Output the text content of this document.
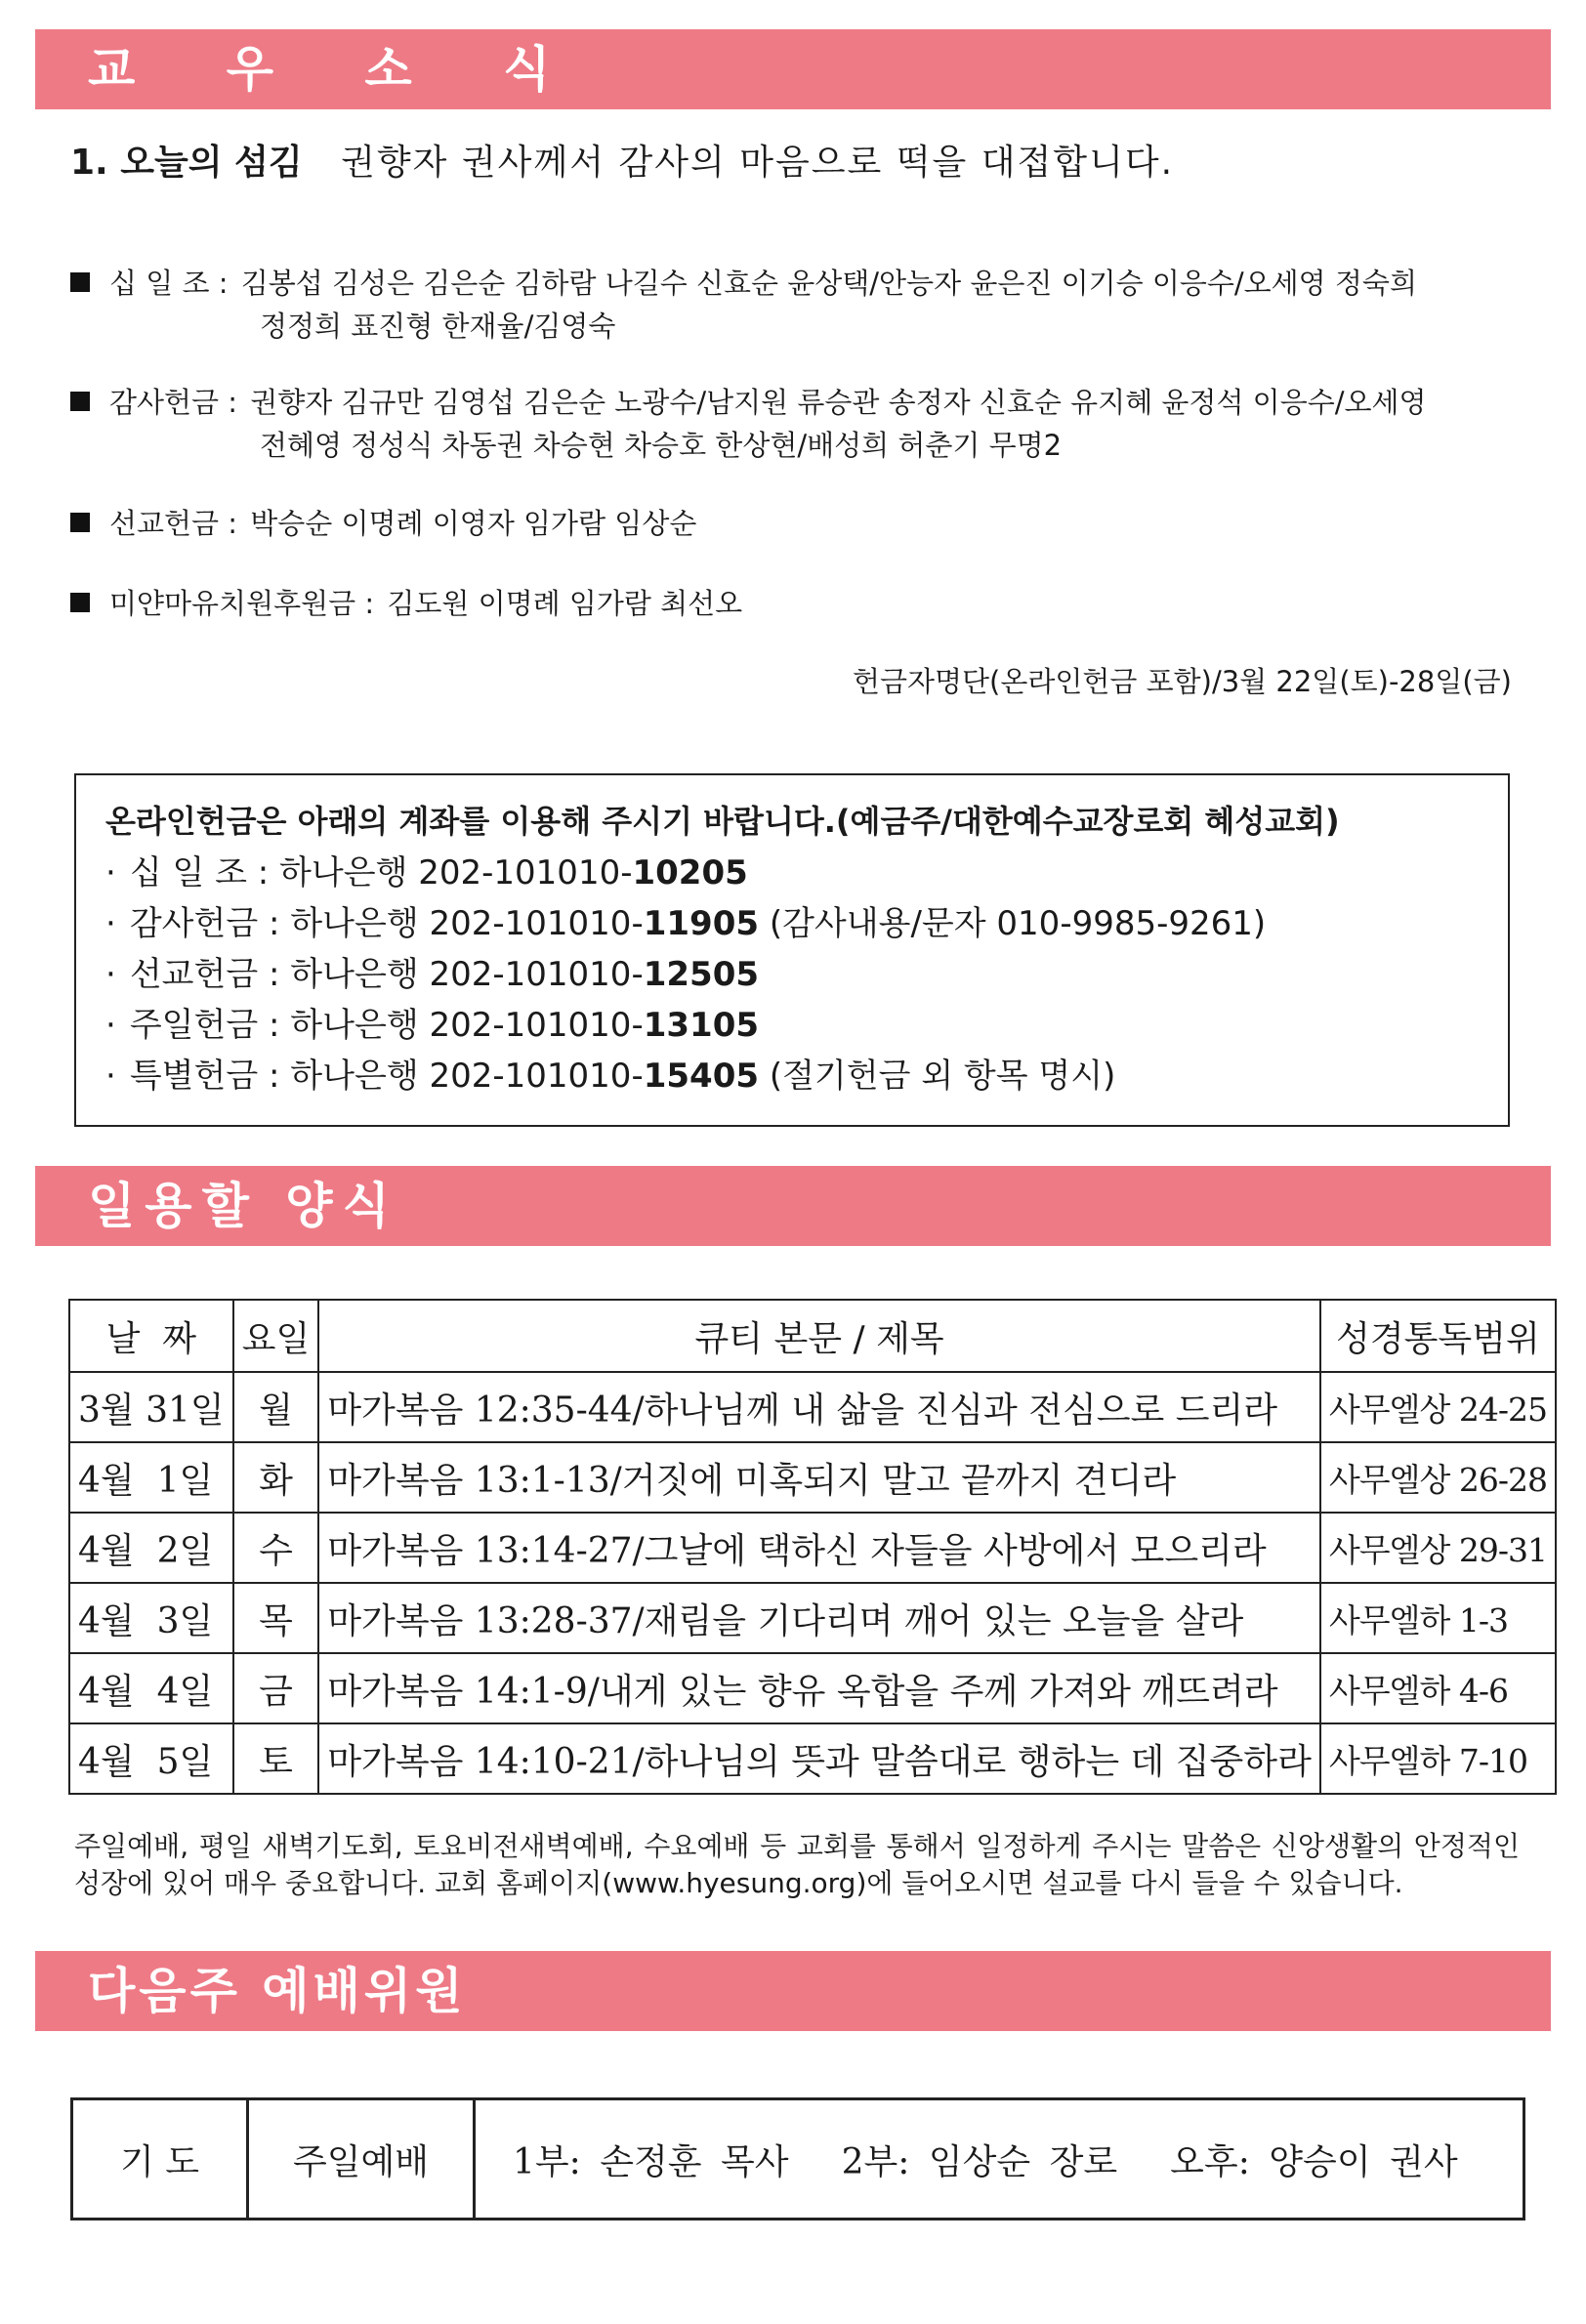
교 우 소 식
1. 오늘의 섬김 권향자 권사께서 감사의 마음으로 떡을 대접합니다.
십 일 조 : 김봉섭 김성은 김은순 김하람 나길수 신효순 윤상택/안능자 윤은진 이기승 이응수/오세영 정숙희
정정희 표진형 한재율/김영숙
감사헌금 : 권향자 김규만 김영섭 김은순 노광수/남지원 류승관 송정자 신효순 유지혜 윤정석 이응수/오세영
전혜영 정성식 차동권 차승현 차승호 한상현/배성희 허춘기 무명2
선교헌금 : 박승순 이명례 이영자 임가람 임상순
미얀마유치원후원금 : 김도원 이명례 임가람 최선오
헌금자명단(온라인헌금 포함)/3월 22일(토)-28일(금)
온라인헌금은 아래의 계좌를 이용해 주시기 바랍니다.(예금주/대한예수교장로회 혜성교회)
· 십 일 조 : 하나은행 202-101010-10205
· 감사헌금 : 하나은행 202-101010-11905 (감사내용/문자 010-9985-9261)
· 선교헌금 : 하나은행 202-101010-12505
· 주일헌금 : 하나은행 202-101010-13105
· 특별헌금 : 하나은행 202-101010-15405 (절기헌금 외 항목 명시)
일용할 양식
날  짜	요일	큐티 본문 / 제목	성경통독범위
3월 31일	월	마가복음 12:35-44/하나님께 내 삶을 진심과 전심으로 드리라	사무엘상 24-25
4월  1일	화	마가복음 13:1-13/거짓에 미혹되지 말고 끝까지 견디라	사무엘상 26-28
4월  2일	수	마가복음 13:14-27/그날에 택하신 자들을 사방에서 모으리라	사무엘상 29-31
4월  3일	목	마가복음 13:28-37/재림을 기다리며 깨어 있는 오늘을 살라	사무엘하 1-3
4월  4일	금	마가복음 14:1-9/내게 있는 향유 옥합을 주께 가져와 깨뜨려라	사무엘하 4-6
4월  5일	토	마가복음 14:10-21/하나님의 뜻과 말씀대로 행하는 데 집중하라	사무엘하 7-10
주일예배, 평일 새벽기도회, 토요비전새벽예배, 수요예배 등 교회를 통해서 일정하게 주시는 말씀은 신앙생활의 안정적인 성장에 있어 매우 중요합니다. 교회 홈페이지(www.hyesung.org)에 들어오시면 설교를 다시 들을 수 있습니다.
다음주 예배위원
기 도	주일예배	1부: 손정훈 목사 2부: 임상순 장로 오후: 양승이 권사
